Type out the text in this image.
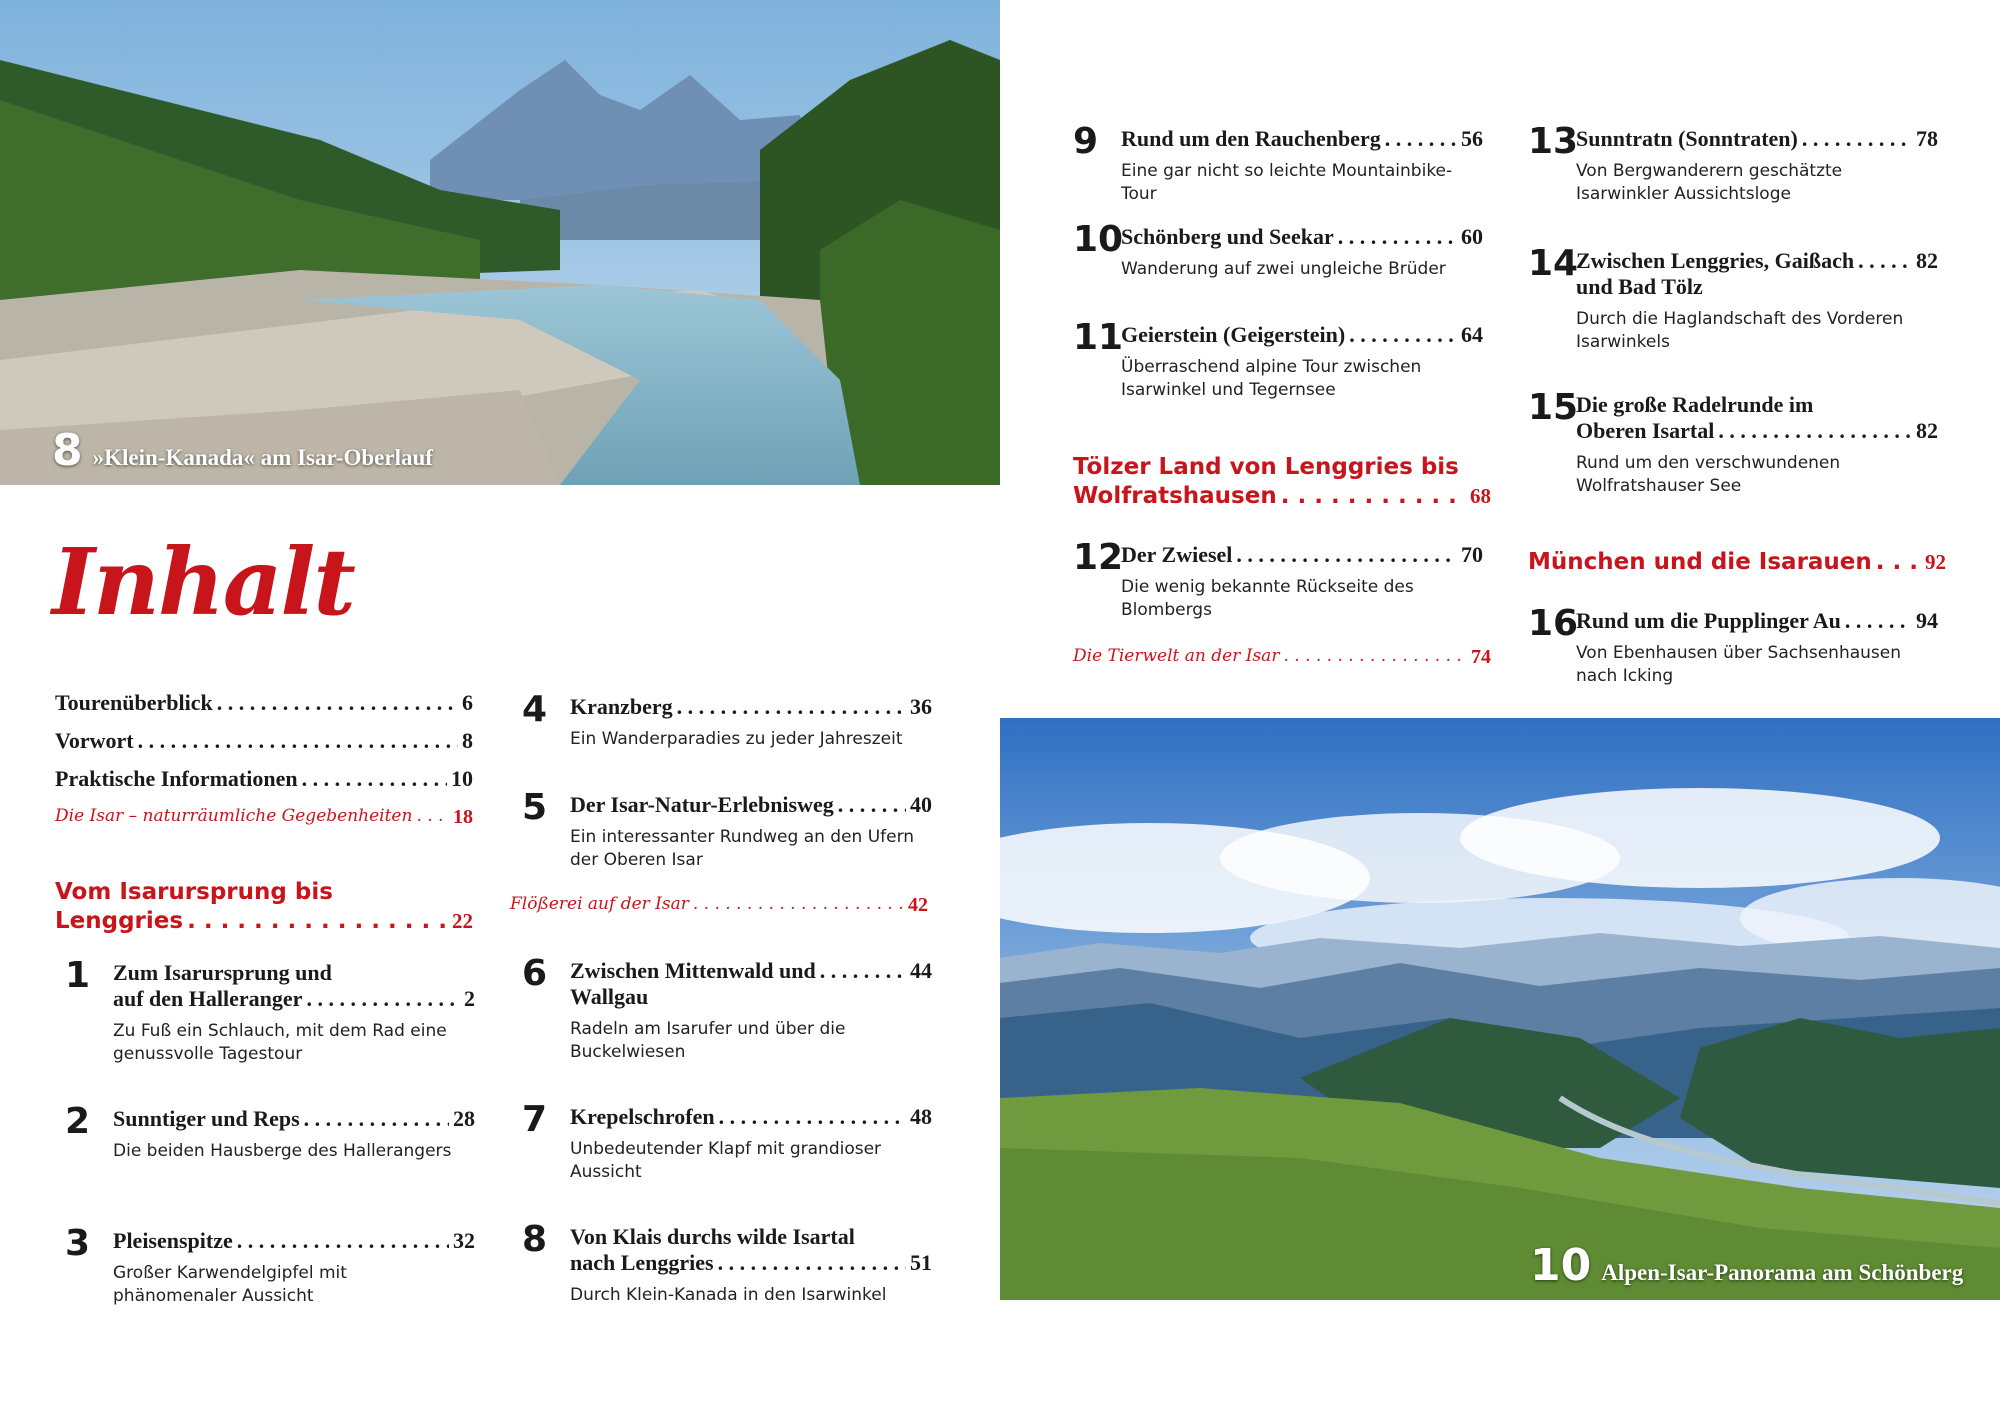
8 »Klein-Kanada« am Isar-Oberlauf
10 Alpen-Isar-Panorama am Schönberg
Inhalt
Tourenüberblick . . .	6
Vorwort . . .	8
Praktische Informationen . . .	10
Die Isar – naturräumliche Gegebenheiten . . . 18
Vom Isarursprung bis
Lenggries . . .	22
1 Zum Isarursprung und
auf den Halleranger . . .	2
Zu Fuß ein Schlauch, mit dem Rad eine genussvolle Tagestour
2 Sunntiger und Reps . . .	28
Die beiden Hausberge des Hallerangers
3 Pleisenspitze . . .	32
Großer Karwendelgipfel mit phänomenaler Aussicht
4 Kranzberg . . .	36
Ein Wanderparadies zu jeder Jahreszeit
5 Der Isar-Natur-Erlebnisweg . . .	40
Ein interessanter Rundweg an den Ufern der Oberen Isar
Flößerei auf der Isar . . .	42
6 Zwischen Mittenwald und . . .	44
Wallgau
Radeln am Isarufer und über die Buckelwiesen
7 Krepelschrofen . . .	48
Unbedeutender Klapf mit grandioser Aussicht
8 Von Klais durchs wilde Isartal
nach Lenggries . . .	51
Durch Klein-Kanada in den Isarwinkel
9 Rund um den Rauchenberg . . .	56
Eine gar nicht so leichte Mountainbike-Tour
10
Schönberg und Seekar . . .	60
Wanderung auf zwei ungleiche Brüder
11
Geierstein (Geigerstein) . . .	64
Überraschend alpine Tour zwischen Isarwinkel und Tegernsee
Tölzer Land von Lenggries bis
Wolfratshausen . . .	68
12
Der Zwiesel . . .	70
Die wenig bekannte Rückseite des Blombergs
Die Tierwelt an der Isar . . .	74
13
Sunntratn (Sonntraten) . . .	78
Von Bergwanderern geschätzte Isarwinkler Aussichtsloge
14
Zwischen Lenggries, Gaißach . . .	82
und Bad Tölz
Durch die Haglandschaft des Vorderen Isarwinkels
15
Die große Radelrunde im
Oberen Isartal . . .	82
Rund um den verschwundenen Wolfratshauser See
München und die Isarauen . . .	92
16
Rund um die Pupplinger Au . . .	94
Von Ebenhausen über Sachsenhausen nach Icking
